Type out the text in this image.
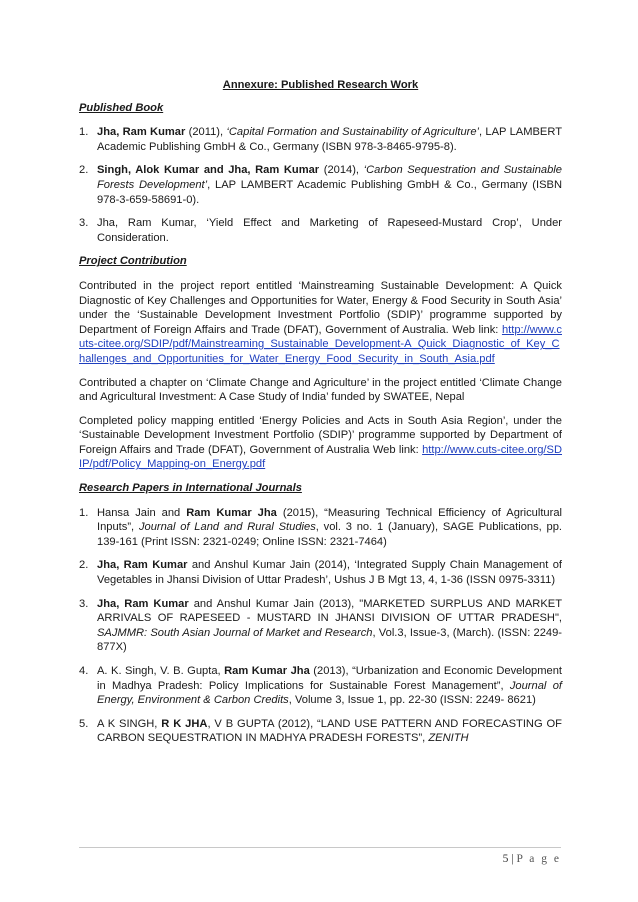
Annexure: Published Research Work
Published Book
1. Jha, Ram Kumar (2011), ‘Capital Formation and Sustainability of Agriculture’, LAP LAMBERT Academic Publishing GmbH & Co., Germany (ISBN 978-3-8465-9795-8).
2. Singh, Alok Kumar and Jha, Ram Kumar (2014), ‘Carbon Sequestration and Sustainable Forests Development’, LAP LAMBERT Academic Publishing GmbH & Co., Germany (ISBN 978-3-659-58691-0).
3. Jha, Ram Kumar, ‘Yield Effect and Marketing of Rapeseed-Mustard Crop’, Under Consideration.
Project Contribution

Contributed in the project report entitled ‘Mainstreaming Sustainable Development: A Quick Diagnostic of Key Challenges and Opportunities for Water, Energy & Food Security in South Asia’ under the ‘Sustainable Development Investment Portfolio (SDIP)’ programme supported by Department of Foreign Affairs and Trade (DFAT), Government of Australia. Web link: http://www.cuts-citee.org/SDIP/pdf/Mainstreaming_Sustainable_Development-A_Quick_Diagnostic_of_Key_Challenges_and_Opportunities_for_Water_Energy_Food_Security_in_South_Asia.pdf

Contributed a chapter on ‘Climate Change and Agriculture’ in the project entitled ‘Climate Change and Agricultural Investment: A Case Study of India’ funded by SWATEE, Nepal

Completed policy mapping entitled ‘Energy Policies and Acts in South Asia Region’, under the ‘Sustainable Development Investment Portfolio (SDIP)’ programme supported by Department of Foreign Affairs and Trade (DFAT), Government of Australia Web link: http://www.cuts-citee.org/SDIP/pdf/Policy_Mapping-on_Energy.pdf

Research Papers in International Journals
1. Hansa Jain and Ram Kumar Jha (2015), “Measuring Technical Efficiency of Agricultural Inputs”, Journal of Land and Rural Studies, vol. 3 no. 1 (January), SAGE Publications, pp. 139-161 (Print ISSN: 2321-0249; Online ISSN: 2321-7464)
2. Jha, Ram Kumar and Anshul Kumar Jain (2014), ‘Integrated Supply Chain Management of Vegetables in Jhansi Division of Uttar Pradesh’, Ushus J B Mgt 13, 4, 1-36 (ISSN 0975-3311)
3. Jha, Ram Kumar and Anshul Kumar Jain (2013), "MARKETED SURPLUS AND MARKET ARRIVALS OF RAPESEED - MUSTARD IN JHANSI DIVISION OF UTTAR PRADESH", SAJMMR: South Asian Journal of Market and Research, Vol.3, Issue-3, (March). (ISSN: 2249-877X)
4. A. K. Singh, V. B. Gupta, Ram Kumar Jha (2013), “Urbanization and Economic Development in Madhya Pradesh: Policy Implications for Sustainable Forest Management”, Journal of Energy, Environment & Carbon Credits, Volume 3, Issue 1, pp. 22-30 (ISSN: 2249- 8621)
5. A K SINGH, R K JHA, V B GUPTA (2012), “LAND USE PATTERN AND FORECASTING OF CARBON SEQUESTRATION IN MADHYA PRADESH FORESTS”, ZENITH
5 | P a g e
